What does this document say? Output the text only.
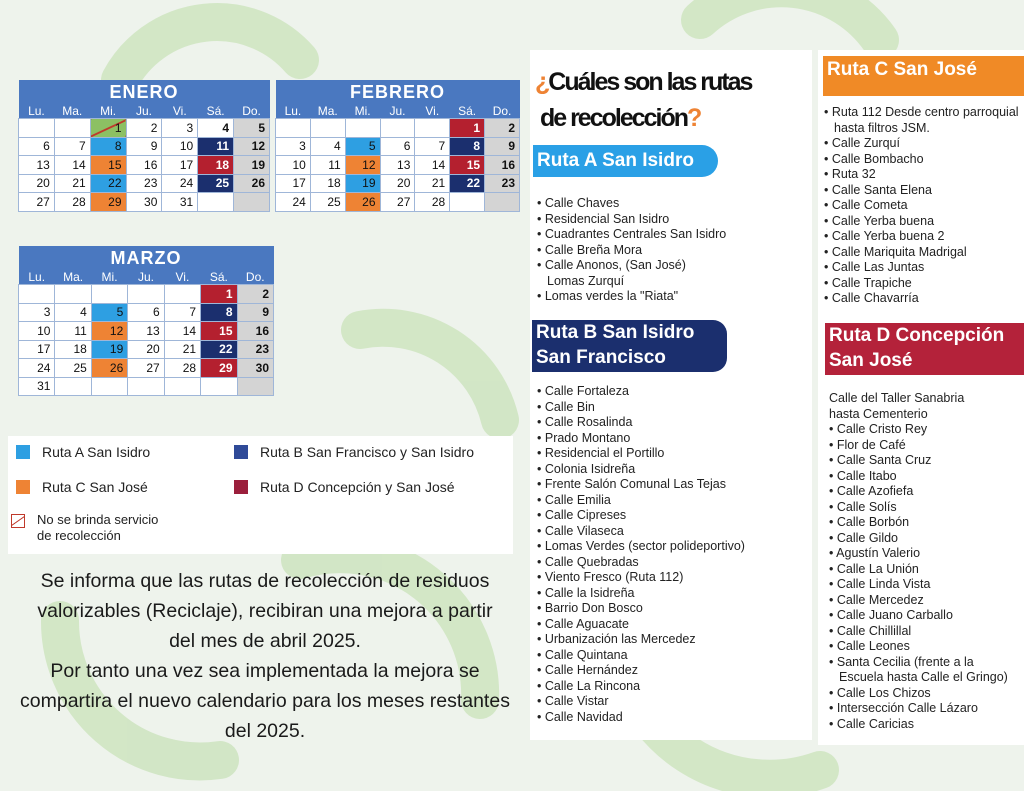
ENERO						
Lu.	Ma.	Mi.	Ju.	Vi.	Sá.	Do.
		1	2	3	4	5
6	7	8	9	10	11	12
13	14	15	16	17	18	19
20	21	22	23	24	25	26
27	28	29	30	31		
FEBRERO						
Lu.	Ma.	Mi.	Ju.	Vi.	Sá.	Do.
					1	2
3	4	5	6	7	8	9
10	11	12	13	14	15	16
17	18	19	20	21	22	23
24	25	26	27	28		
MARZO						
Lu.	Ma.	Mi.	Ju.	Vi.	Sá.	Do.
					1	2
3	4	5	6	7	8	9
10	11	12	13	14	15	16
17	18	19	20	21	22	23
24	25	26	27	28	29	30
31						
Ruta A San Isidro	Ruta B San Francisco y San Isidro
Ruta C San José	Ruta D Concepción y San José
No se brinda servicio
de recolección
Se informa que las rutas de recolección de residuos
valorizables (Reciclaje), recibiran una mejora a partir
del mes de abril 2025.
Por tanto una vez sea implementada la mejora se
compartira el nuevo calendario para los meses restantes
del 2025.
¿Cuáles son las rutas
de recolección?
Ruta A San Isidro
• Calle Chaves
• Residencial San Isidro
• Cuadrantes Centrales San Isidro
• Calle Breña Mora
• Calle Anonos, (San José)
Lomas Zurquí
• Lomas verdes la "Riata"
Ruta B San Isidro
San Francisco
• Calle Fortaleza
• Calle Bin
• Calle Rosalinda
• Prado Montano
• Residencial el Portillo
• Colonia Isidreña
• Frente Salón Comunal Las Tejas
• Calle Emilia
• Calle Cipreses
• Calle Vilaseca
• Lomas Verdes (sector polideportivo)
• Calle Quebradas
• Viento Fresco (Ruta 112)
• Calle la Isidreña
• Barrio Don Bosco
• Calle Aguacate
• Urbanización las Mercedez
• Calle Quintana
• Calle Hernández
• Calle La Rincona
• Calle Vistar
• Calle Navidad
Ruta C San José
• Ruta 112 Desde centro parroquial
hasta filtros JSM.
• Calle Zurquí
• Calle Bombacho
• Ruta 32
• Calle Santa Elena
• Calle Cometa
• Calle Yerba buena
• Calle Yerba buena 2
• Calle Mariquita Madrigal
• Calle Las Juntas
• Calle Trapiche
• Calle Chavarría
Ruta D Concepción
San José
Calle del Taller Sanabria
hasta Cementerio
• Calle Cristo Rey
• Flor de Café
• Calle Santa Cruz
• Calle Itabo
• Calle Azofiefa
• Calle Solís
• Calle Borbón
• Calle Gildo
• Agustín Valerio
• Calle La Unión
• Calle Linda Vista
• Calle Mercedez
• Calle Juano Carballo
• Calle Chillillal
• Calle Leones
• Santa Cecilia (frente a la
Escuela hasta Calle el Gringo)
• Calle Los Chizos
• Intersección Calle Lázaro
• Calle Caricias
